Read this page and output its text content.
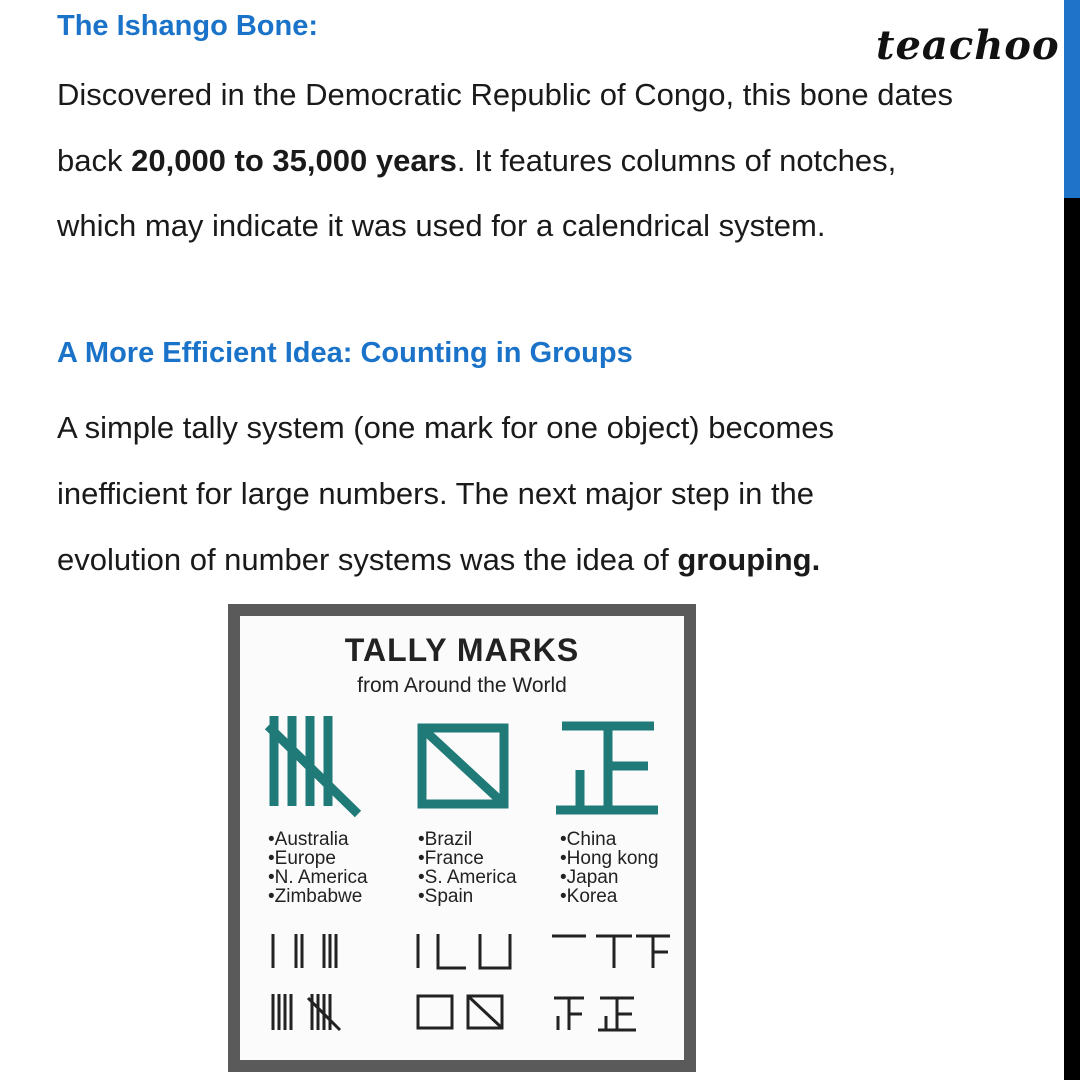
teachoo
The Ishango Bone:

Discovered in the Democratic Republic of Congo, this bone dates

back 20,000 to 35,000 years. It features columns of notches,

which may indicate it was used for a calendrical system.

A More Efficient Idea: Counting in Groups

A simple tally system (one mark for one object) becomes

inefficient for large numbers. The next major step in the

evolution of number systems was the idea of grouping.

TALLY MARKS
from Around the World
• Australia
• Europe
• N. America
• Zimbabwe
• Brazil
• France
• S. America
• Spain
• China
• Hong kong
• Japan
• Korea
